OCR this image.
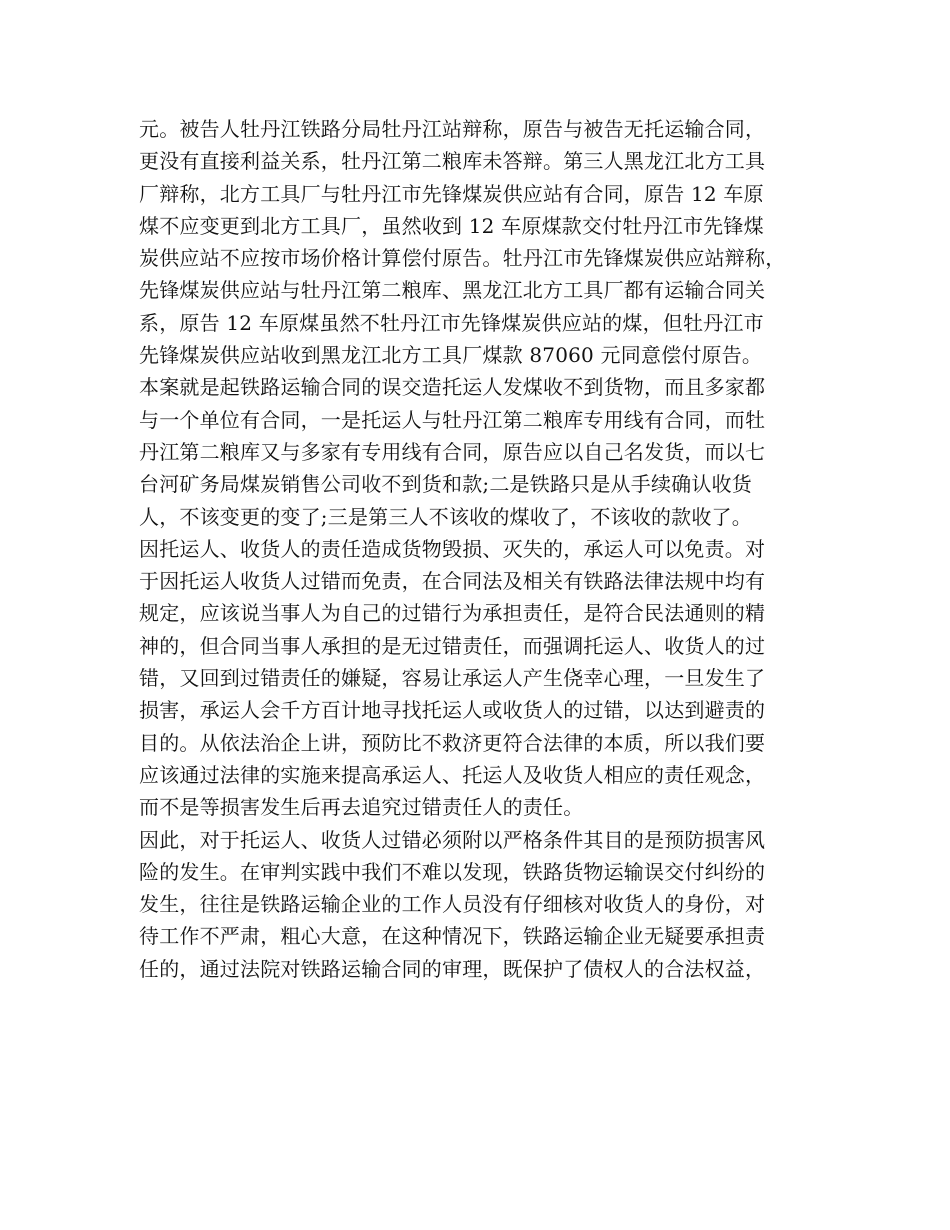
元。被告人牡丹江铁路分局牡丹江站辩称，原告与被告无托运输合同，
更没有直接利益关系，牡丹江第二粮库未答辩。第三人黑龙江北方工具
厂辩称，北方工具厂与牡丹江市先锋煤炭供应站有合同，原告 12 车原
煤不应变更到北方工具厂，虽然收到 12 车原煤款交付牡丹江市先锋煤
炭供应站不应按市场价格计算偿付原告。牡丹江市先锋煤炭供应站辩称，
先锋煤炭供应站与牡丹江第二粮库、黑龙江北方工具厂都有运输合同关
系，原告 12 车原煤虽然不牡丹江市先锋煤炭供应站的煤，但牡丹江市
先锋煤炭供应站收到黑龙江北方工具厂煤款 87060 元同意偿付原告。
本案就是起铁路运输合同的误交造托运人发煤收不到货物，而且多家都
与一个单位有合同，一是托运人与牡丹江第二粮库专用线有合同，而牡
丹江第二粮库又与多家有专用线有合同，原告应以自己名发货，而以七
台河矿务局煤炭销售公司收不到货和款;二是铁路只是从手续确认收货
人，不该变更的变了;三是第三人不该收的煤收了，不该收的款收了。
因托运人、收货人的责任造成货物毁损、灭失的，承运人可以免责。对
于因托运人收货人过错而免责，在合同法及相关有铁路法律法规中均有
规定，应该说当事人为自己的过错行为承担责任，是符合民法通则的精
神的，但合同当事人承担的是无过错责任，而强调托运人、收货人的过
错，又回到过错责任的嫌疑，容易让承运人产生侥幸心理，一旦发生了
损害，承运人会千方百计地寻找托运人或收货人的过错，以达到避责的
目的。从依法治企上讲，预防比不救济更符合法律的本质，所以我们要
应该通过法律的实施来提高承运人、托运人及收货人相应的责任观念，
而不是等损害发生后再去追究过错责任人的责任。
因此，对于托运人、收货人过错必须附以严格条件其目的是预防损害风
险的发生。在审判实践中我们不难以发现，铁路货物运输误交付纠纷的
发生，往往是铁路运输企业的工作人员没有仔细核对收货人的身份，对
待工作不严肃，粗心大意，在这种情况下，铁路运输企业无疑要承担责
任的，通过法院对铁路运输合同的审理，既保护了债权人的合法权益，
